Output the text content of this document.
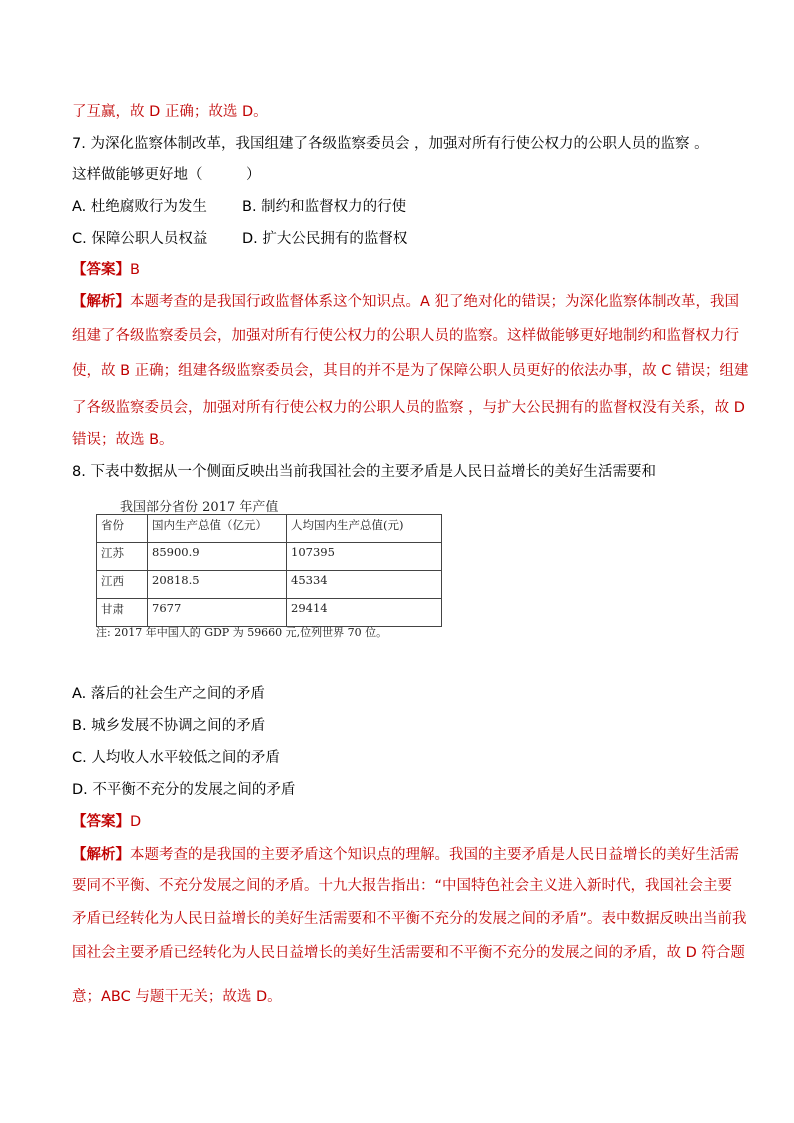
了互赢，故 D 正确；故选 D。
7. 为深化监察体制改革，我国组建了各级监察委员会 ，加强对所有行使公权力的公职人员的监察 。
这样做能够更好地（　　　）
A. 杜绝腐败行为发生 B. 制约和监督权力的行使
C. 保障公职人员权益 D. 扩大公民拥有的监督权
【答案】B
【解析】本题考查的是我国行政监督体系这个知识点。A 犯了绝对化的错误；为深化监察体制改革，我国
组建了各级监察委员会，加强对所有行使公权力的公职人员的监察。这样做能够更好地制约和监督权力行
使，故 B 正确；组建各级监察委员会，其目的并不是为了保障公职人员更好的依法办事，故 C 错误；组建
了各级监察委员会，加强对所有行使公权力的公职人员的监察 ，与扩大公民拥有的监督权没有关系，故 D
错误；故选 B。
8. 下表中数据从一个侧面反映出当前我国社会的主要矛盾是人民日益增长的美好生活需要和
我国部分省份 2017 年产值
省份	国内生产总值（亿元）	人均国内生产总值(元)
江苏	85900.9	107395
江西	20818.5	45334
甘肃	7677	29414
注: 2017 年中国人的 GDP 为 59660 元,位列世界 70 位。
A. 落后的社会生产之间的矛盾
B. 城乡发展不协调之间的矛盾
C. 人均收人水平较低之间的矛盾
D. 不平衡不充分的发展之间的矛盾
【答案】D
【解析】本题考查的是我国的主要矛盾这个知识点的理解。我国的主要矛盾是人民日益增长的美好生活需
要同不平衡、不充分发展之间的矛盾。十九大报告指出：“中国特色社会主义进入新时代，我国社会主要
矛盾已经转化为人民日益增长的美好生活需要和不平衡不充分的发展之间的矛盾”。表中数据反映出当前我
国社会主要矛盾已经转化为人民日益增长的美好生活需要和不平衡不充分的发展之间的矛盾，故 D 符合题
意；ABC 与题干无关；故选 D。
